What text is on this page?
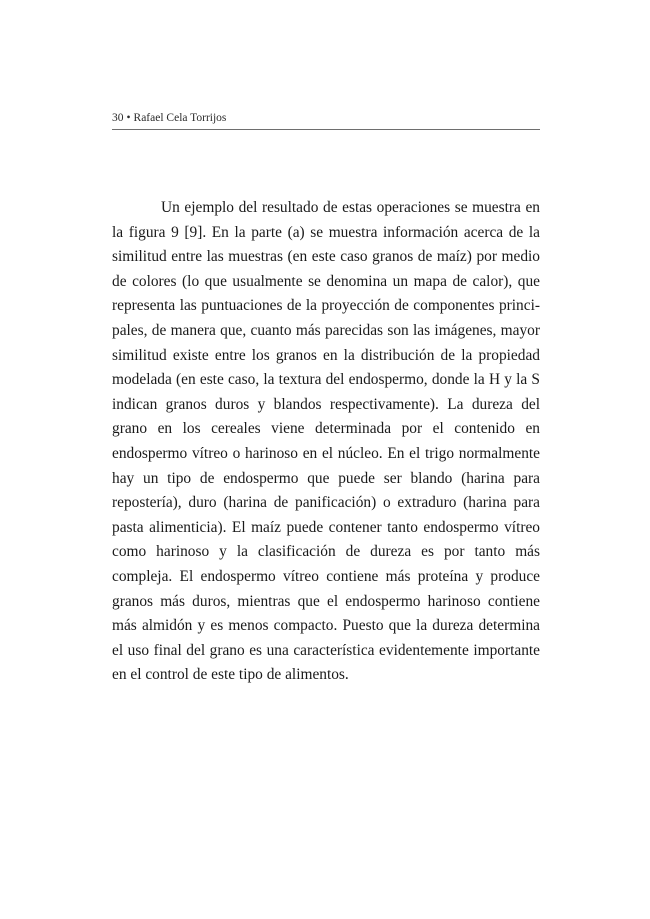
30 • Rafael Cela Torrijos

Un ejemplo del resultado de estas operaciones se muestra en la figura 9 [9]. En la parte (a) se muestra información acerca de la similitud entre las muestras (en este caso granos de maíz) por medio de colores (lo que usualmente se denomina un mapa de calor), que representa las puntuaciones de la proyección de componentes principales, de manera que, cuanto más parecidas son las imágenes, mayor similitud existe entre los granos en la distribución de la propiedad modelada (en este caso, la textura del endospermo, donde la H y la S indican granos duros y blandos respectivamente). La dureza del grano en los cereales viene determinada por el contenido en endospermo vítreo o harinoso en el núcleo. En el trigo normalmente hay un tipo de endospermo que puede ser blando (harina para repostería), duro (harina de panificación) o extraduro (harina para pasta alimenticia). El maíz puede contener tanto endospermo vítreo como harinoso y la clasificación de dureza es por tanto más compleja. El endospermo vítreo contiene más proteína y produce granos más duros, mientras que el endospermo harinoso contiene más almidón y es menos compacto. Puesto que la dureza determina el uso final del grano es una característica evidentemente importante en el control de este tipo de alimentos.
